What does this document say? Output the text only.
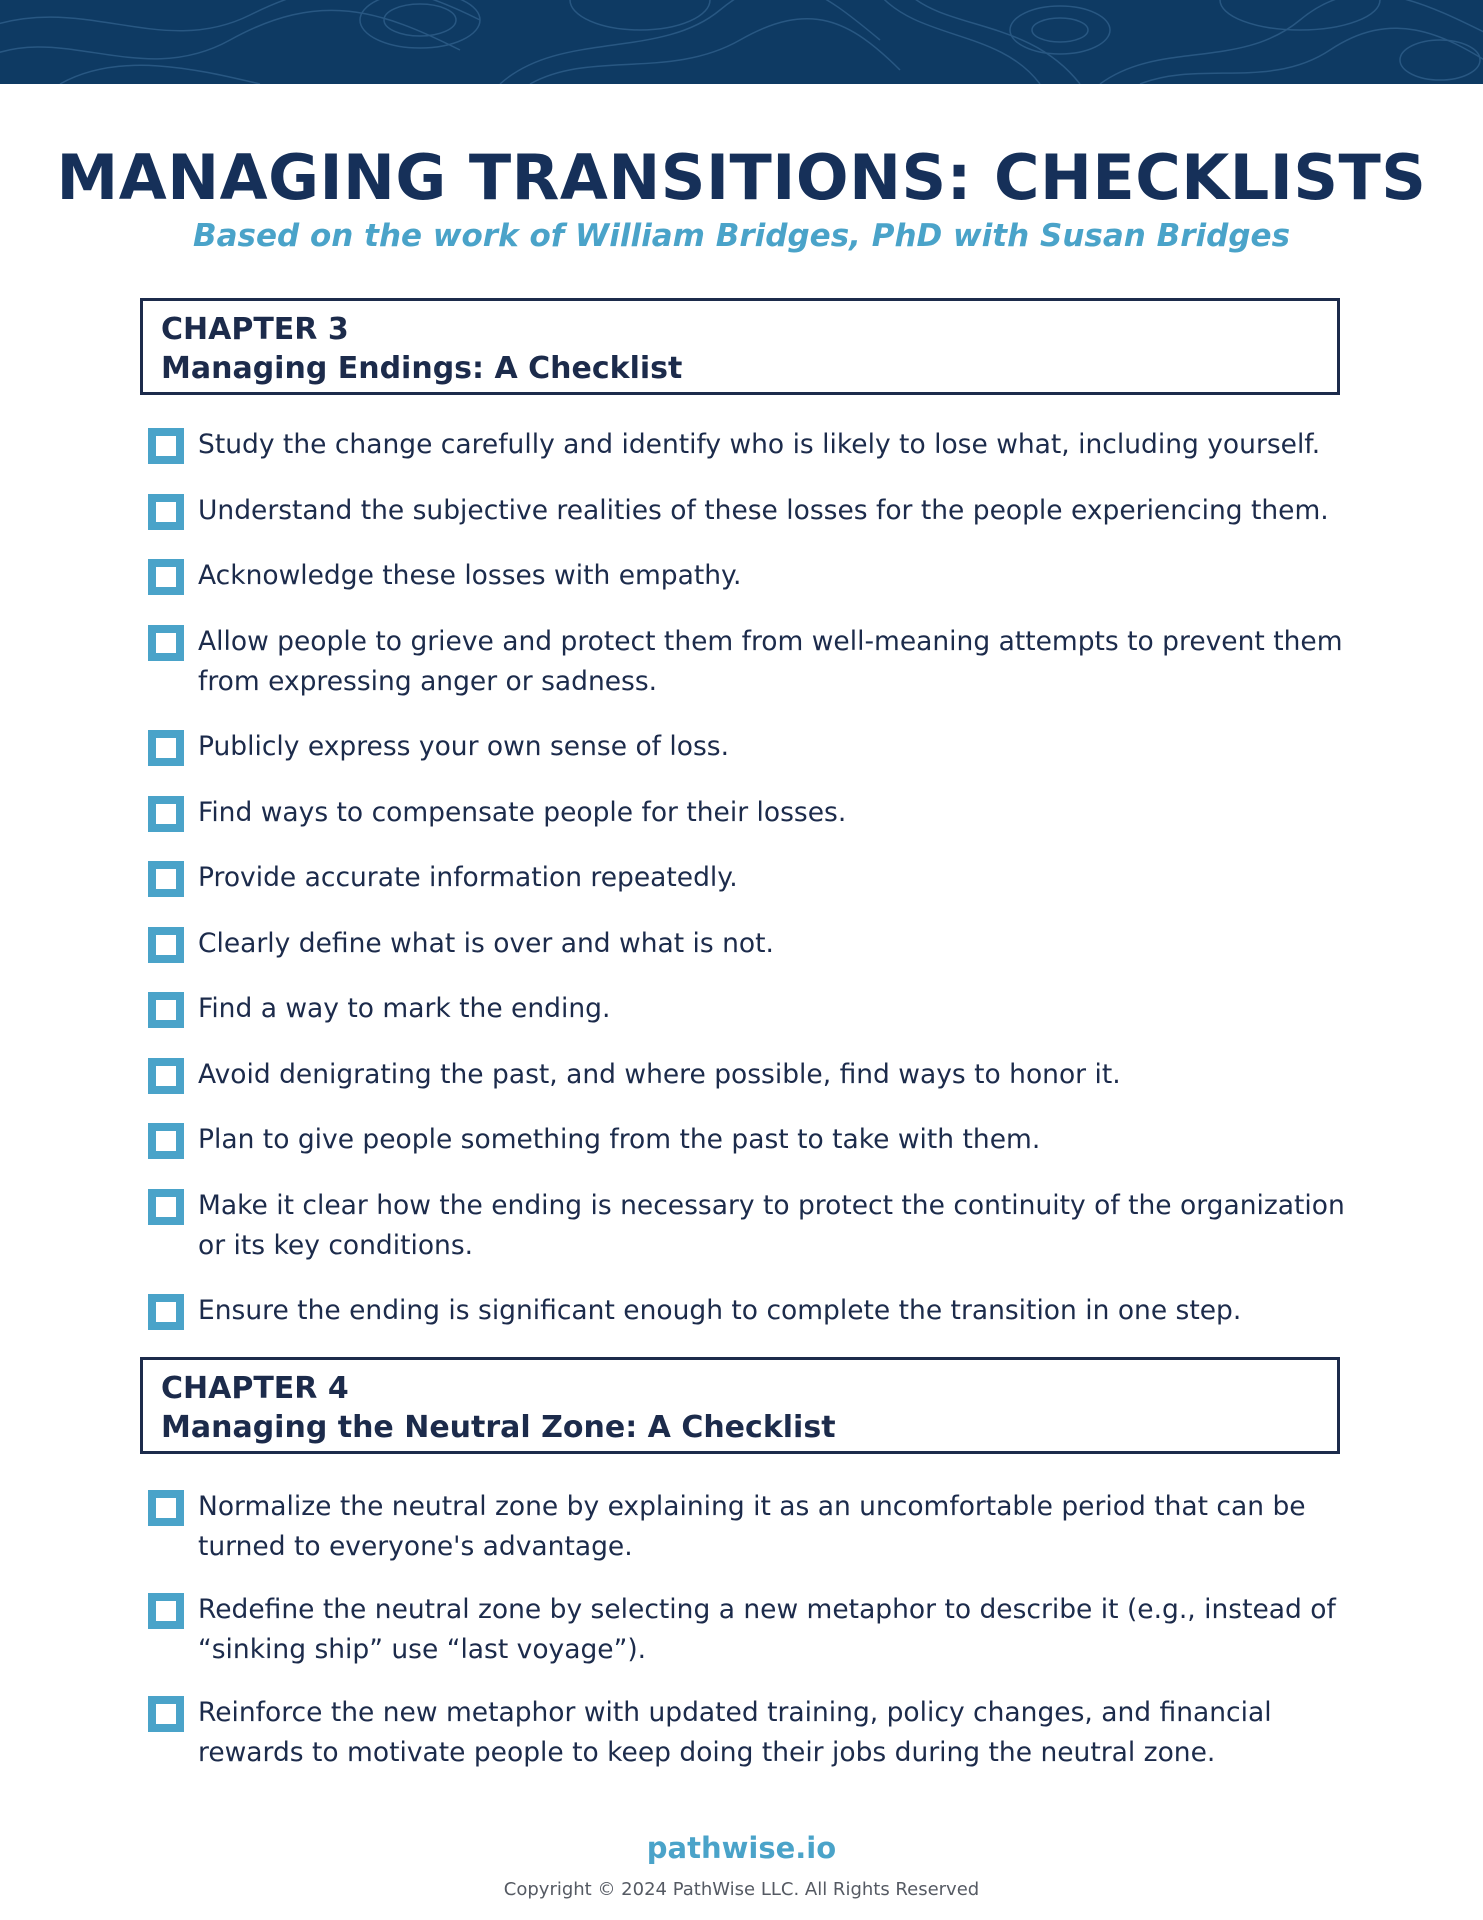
MANAGING TRANSITIONS: CHECKLISTS
Based on the work of William Bridges, PhD with Susan Bridges
CHAPTER 3
Managing Endings: A Checklist
Study the change carefully and identify who is likely to lose what, including yourself.
Understand the subjective realities of these losses for the people experiencing them.
Acknowledge these losses with empathy.
Allow people to grieve and protect them from well-meaning attempts to prevent them from expressing anger or sadness.
Publicly express your own sense of loss.
Find ways to compensate people for their losses.
Provide accurate information repeatedly.
Clearly define what is over and what is not.
Find a way to mark the ending.
Avoid denigrating the past, and where possible, find ways to honor it.
Plan to give people something from the past to take with them.
Make it clear how the ending is necessary to protect the continuity of the organization or its key conditions.
Ensure the ending is significant enough to complete the transition in one step.
CHAPTER 4
Managing the Neutral Zone: A Checklist
Normalize the neutral zone by explaining it as an uncomfortable period that can be turned to everyone's advantage.
Redefine the neutral zone by selecting a new metaphor to describe it (e.g., instead of “sinking ship” use “last voyage”).
Reinforce the new metaphor with updated training, policy changes, and financial rewards to motivate people to keep doing their jobs during the neutral zone.
pathwise.io
Copyright © 2024 PathWise LLC. All Rights Reserved
